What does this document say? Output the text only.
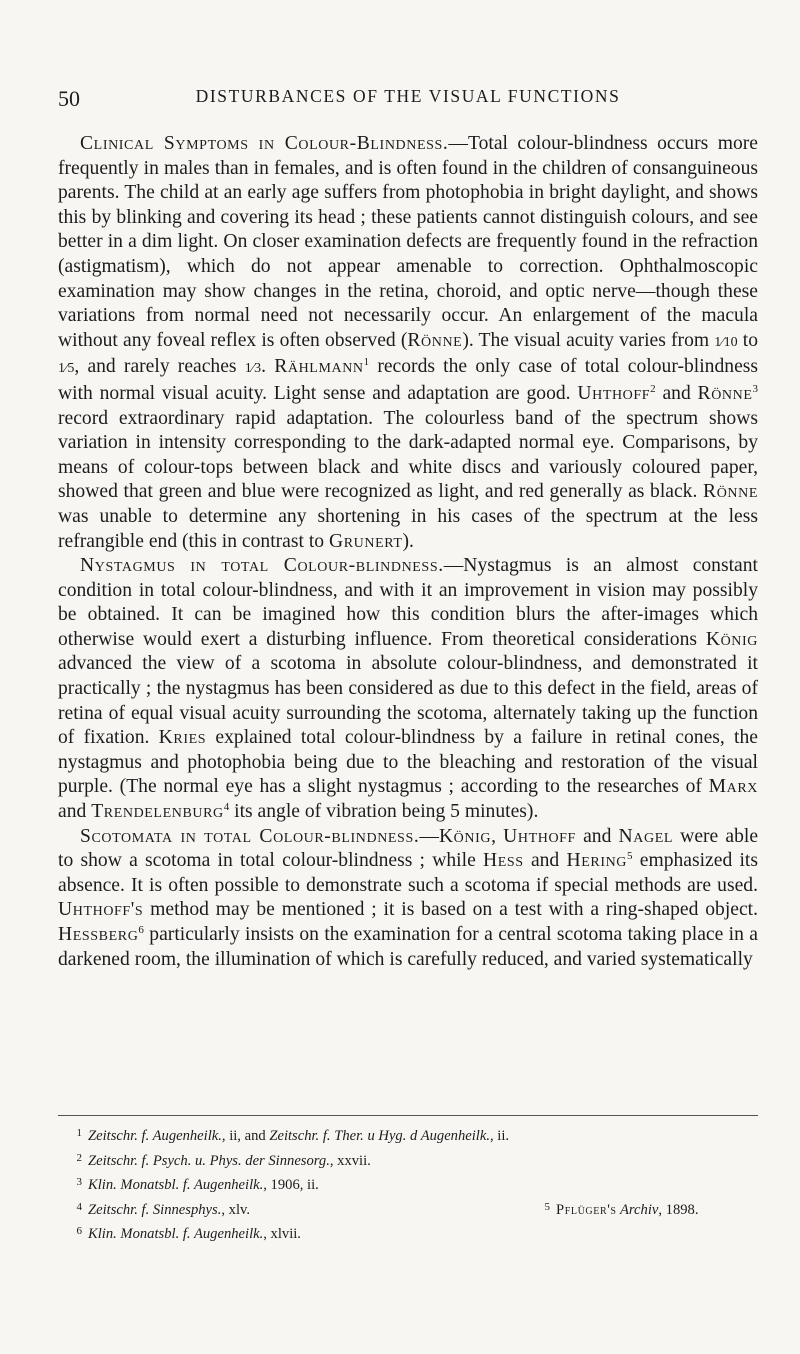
50	DISTURBANCES OF THE VISUAL FUNCTIONS

Clinical Symptoms in Colour-Blindness.—Total colour-blindness occurs more frequently in males than in females, and is often found in the children of consanguineous parents. The child at an early age suffers from photophobia in bright daylight, and shows this by blinking and covering its head ; these patients cannot distinguish colours, and see better in a dim light. On closer examination defects are frequently found in the refraction (astigmatism), which do not appear amenable to correction. Ophthalmoscopic examination may show changes in the retina, choroid, and optic nerve—though these variations from normal need not necessarily occur. An enlargement of the macula without any foveal reflex is often observed (Rönne). The visual acuity varies from 1⁄10 to 1⁄5, and rarely reaches 1⁄3. Rählmann$^1$ records the only case of total colour-blindness with normal visual acuity. Light sense and adaptation are good. Uhthoff$^2$ and Rönne$^3$ record extraordinary rapid adaptation. The colourless band of the spectrum shows variation in intensity corresponding to the dark-adapted normal eye. Comparisons, by means of colour-tops between black and white discs and variously coloured paper, showed that green and blue were recognized as light, and red generally as black. Rönne was unable to determine any shortening in his cases of the spectrum at the less refrangible end (this in contrast to Grunert).

Nystagmus in total Colour-blindness.—Nystagmus is an almost constant condition in total colour-blindness, and with it an improvement in vision may possibly be obtained. It can be imagined how this condition blurs the after-images which otherwise would exert a disturbing influence. From theoretical considerations König advanced the view of a scotoma in absolute colour-blindness, and demonstrated it practically ; the nystagmus has been considered as due to this defect in the field, areas of retina of equal visual acuity surrounding the scotoma, alternately taking up the function of fixation. Kries explained total colour-blindness by a failure in retinal cones, the nystagmus and photophobia being due to the bleaching and restoration of the visual purple. (The normal eye has a slight nystagmus ; according to the researches of Marx and Trendelenburg$^4$ its angle of vibration being 5 minutes).

Scotomata in total Colour-blindness.—König, Uhthoff and Nagel were able to show a scotoma in total colour-blindness ; while Hess and Hering$^5$ emphasized its absence. It is often possible to demonstrate such a scotoma if special methods are used. Uhthoff's method may be mentioned ; it is based on a test with a ring-shaped object. Hessberg$^6$ particularly insists on the examination for a central scotoma taking place in a darkened room, the illumination of which is carefully reduced, and varied systematically

1 Zeitschr. f. Augenheilk., ii, and Zeitschr. f. Ther. u Hyg. d Augenheilk., ii.
2 Zeitschr. f. Psych. u. Phys. der Sinnesorg., xxvii.
3 Klin. Monatsbl. f. Augenheilk., 1906, ii.
4 Zeitschr. f. Sinnesphys., xlv.	5 Pflüger's Archiv, 1898.
6 Klin. Monatsbl. f. Augenheilk., xlvii.
